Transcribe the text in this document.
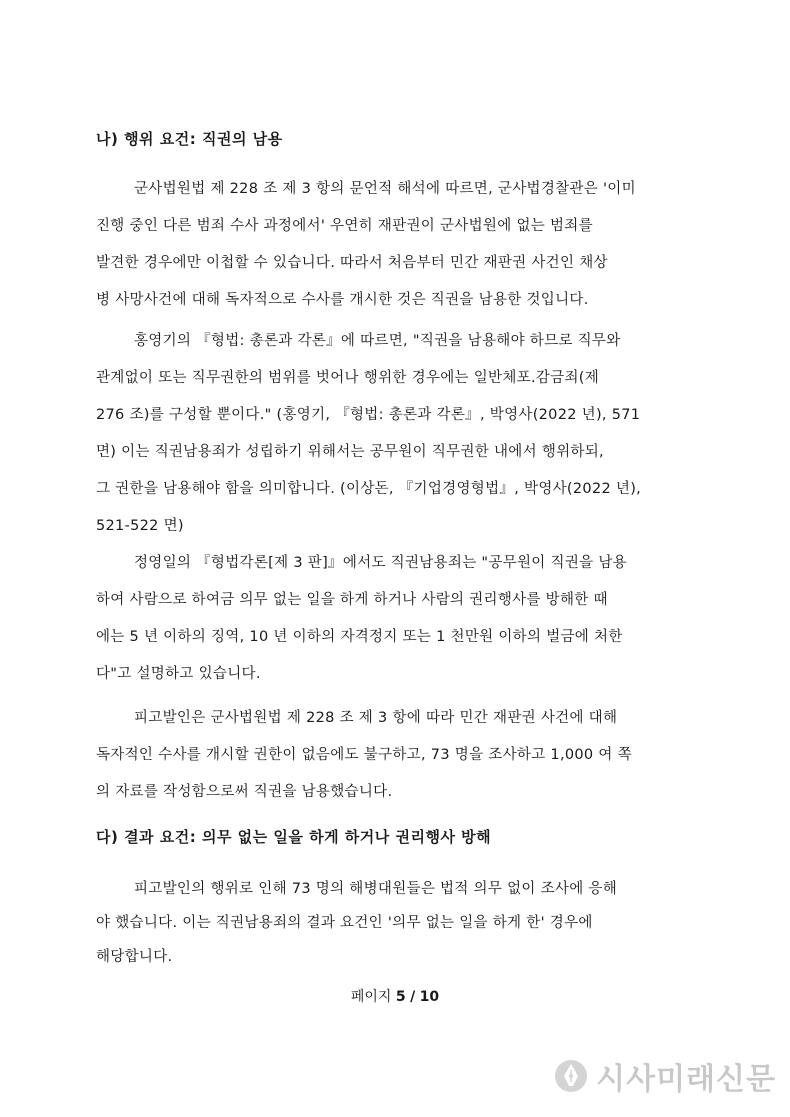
나) 행위 요건: 직권의 남용
군사법원법 제 228 조 제 3 항의 문언적 해석에 따르면, 군사법경찰관은 '이미
진행 중인 다른 범죄 수사 과정에서' 우연히 재판권이 군사법원에 없는 범죄를
발견한 경우에만 이첩할 수 있습니다. 따라서 처음부터 민간 재판권 사건인 채상
병 사망사건에 대해 독자적으로 수사를 개시한 것은 직권을 남용한 것입니다.
홍영기의 『형법: 총론과 각론』에 따르면, "직권을 남용해야 하므로 직무와
관계없이 또는 직무권한의 범위를 벗어나 행위한 경우에는 일반체포.감금죄(제
276 조)를 구성할 뿐이다." (홍영기, 『형법: 총론과 각론』, 박영사(2022 년), 571
면) 이는 직권남용죄가 성립하기 위해서는 공무원이 직무권한 내에서 행위하되,
그 권한을 남용해야 함을 의미합니다. (이상돈, 『기업경영형법』, 박영사(2022 년),
521-522 면)
정영일의 『형법각론[제 3 판]』에서도 직권남용죄는 "공무원이 직권을 남용
하여 사람으로 하여금 의무 없는 일을 하게 하거나 사람의 권리행사를 방해한 때
에는 5 년 이하의 징역, 10 년 이하의 자격정지 또는 1 천만원 이하의 벌금에 처한
다"고 설명하고 있습니다.
피고발인은 군사법원법 제 228 조 제 3 항에 따라 민간 재판권 사건에 대해
독자적인 수사를 개시할 권한이 없음에도 불구하고, 73 명을 조사하고 1,000 여 쪽
의 자료를 작성함으로써 직권을 남용했습니다.
다) 결과 요건: 의무 없는 일을 하게 하거나 권리행사 방해
피고발인의 행위로 인해 73 명의 해병대원들은 법적 의무 없이 조사에 응해
야 했습니다. 이는 직권남용죄의 결과 요건인 '의무 없는 일을 하게 한' 경우에
해당합니다.
페이지 5 / 10
시사미래신문
